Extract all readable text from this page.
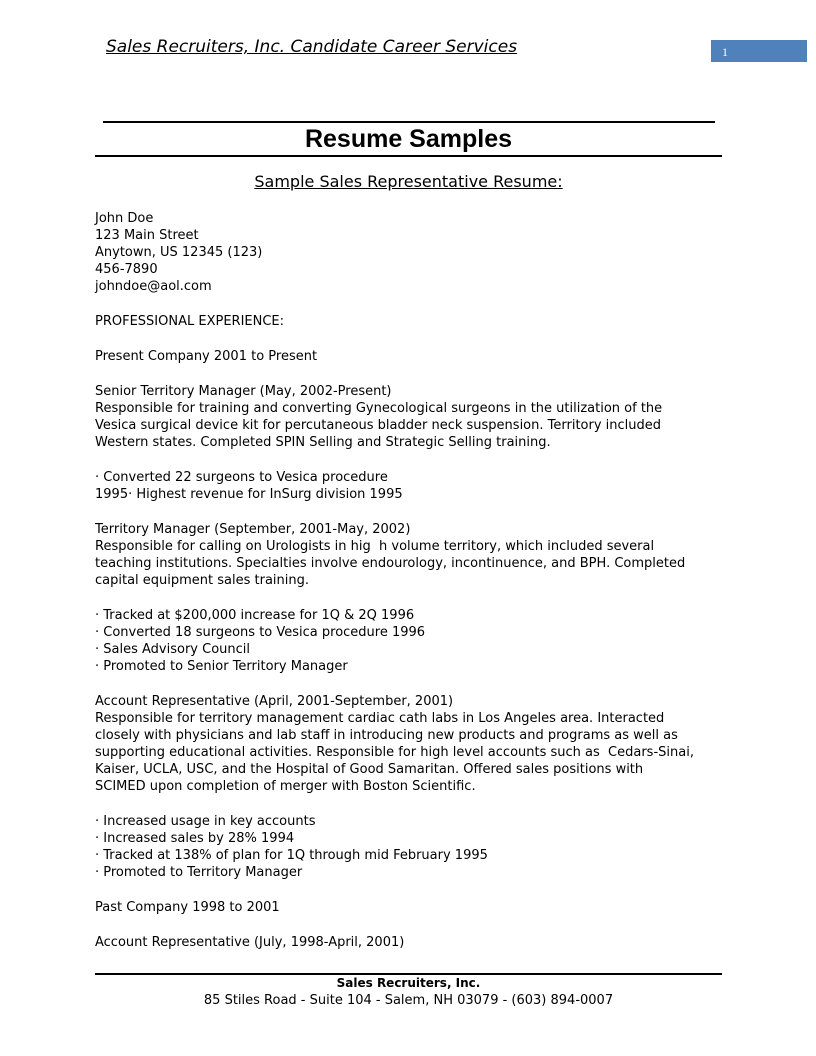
Sales Recruiters, Inc. Candidate Career Services	1
Resume Samples
Sample Sales Representative Resume:
John Doe
123 Main Street
Anytown, US 12345 (123)
456-7890
johndoe@aol.com
PROFESSIONAL EXPERIENCE:
Present Company 2001 to Present
Senior Territory Manager (May, 2002-Present)
Responsible for training and converting Gynecological surgeons in the utilization of the
Vesica surgical device kit for percutaneous bladder neck suspension. Territory included
Western states. Completed SPIN Selling and Strategic Selling training.
· Converted 22 surgeons to Vesica procedure
1995· Highest revenue for InSurg division 1995
Territory Manager (September, 2001-May, 2002)
Responsible for calling on Urologists in hig  h volume territory, which included several
teaching institutions. Specialties involve endourology, incontinuence, and BPH. Completed
capital equipment sales training.
· Tracked at $200,000 increase for 1Q & 2Q 1996
· Converted 18 surgeons to Vesica procedure 1996
· Sales Advisory Council
· Promoted to Senior Territory Manager
Account Representative (April, 2001-September, 2001)
Responsible for territory management cardiac cath labs in Los Angeles area. Interacted
closely with physicians and lab staff in introducing new products and programs as well as
supporting educational activities. Responsible for high level accounts such as  Cedars-Sinai,
Kaiser, UCLA, USC, and the Hospital of Good Samaritan. Offered sales positions with
SCIMED upon completion of merger with Boston Scientific.
· Increased usage in key accounts
· Increased sales by 28% 1994
· Tracked at 138% of plan for 1Q through mid February 1995
· Promoted to Territory Manager
Past Company 1998 to 2001
Account Representative (July, 1998-April, 2001)
Sales Recruiters, Inc.
85 Stiles Road - Suite 104 - Salem, NH 03079 - (603) 894-0007
